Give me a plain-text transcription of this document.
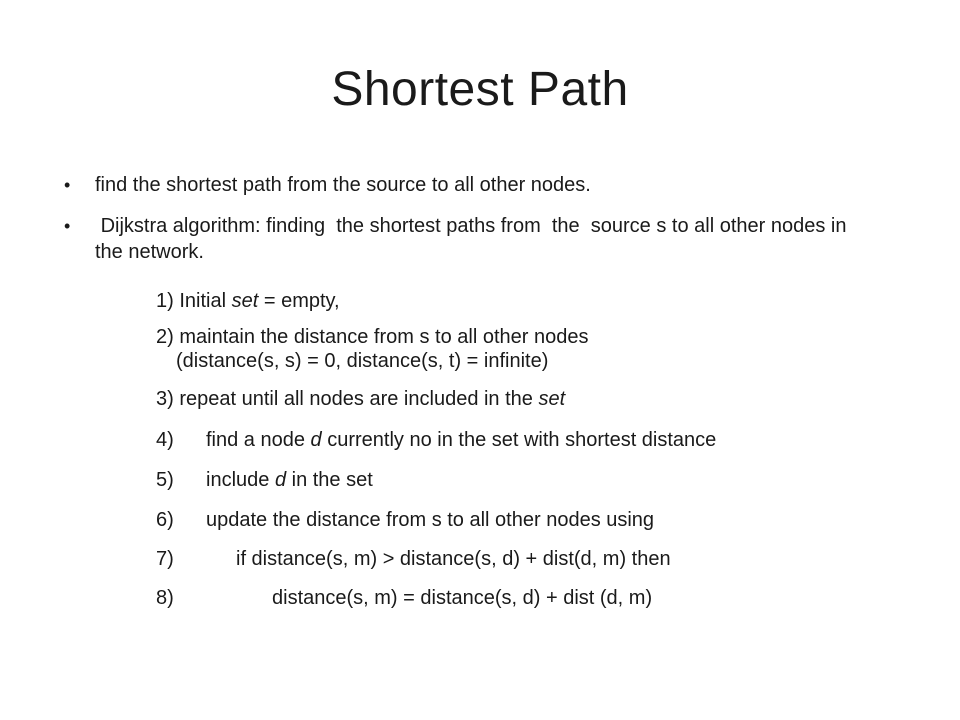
Shortest Path
•	find the shortest path from the source to all other nodes.
•	Dijkstra algorithm: finding  the shortest paths from  the  source s to all other nodes in the network.
1) Initial set = empty,
2) maintain the distance from s to all other nodes
(distance(s, s) = 0, distance(s, t) = infinite)
3) repeat until all nodes are included in the set
4) find a node d currently no in the set with shortest distance
5) include d in the set
6) update the distance from s to all other nodes using
7)	if distance(s, m) > distance(s, d) + dist(d, m) then
8)	distance(s, m) = distance(s, d) + dist (d, m)
